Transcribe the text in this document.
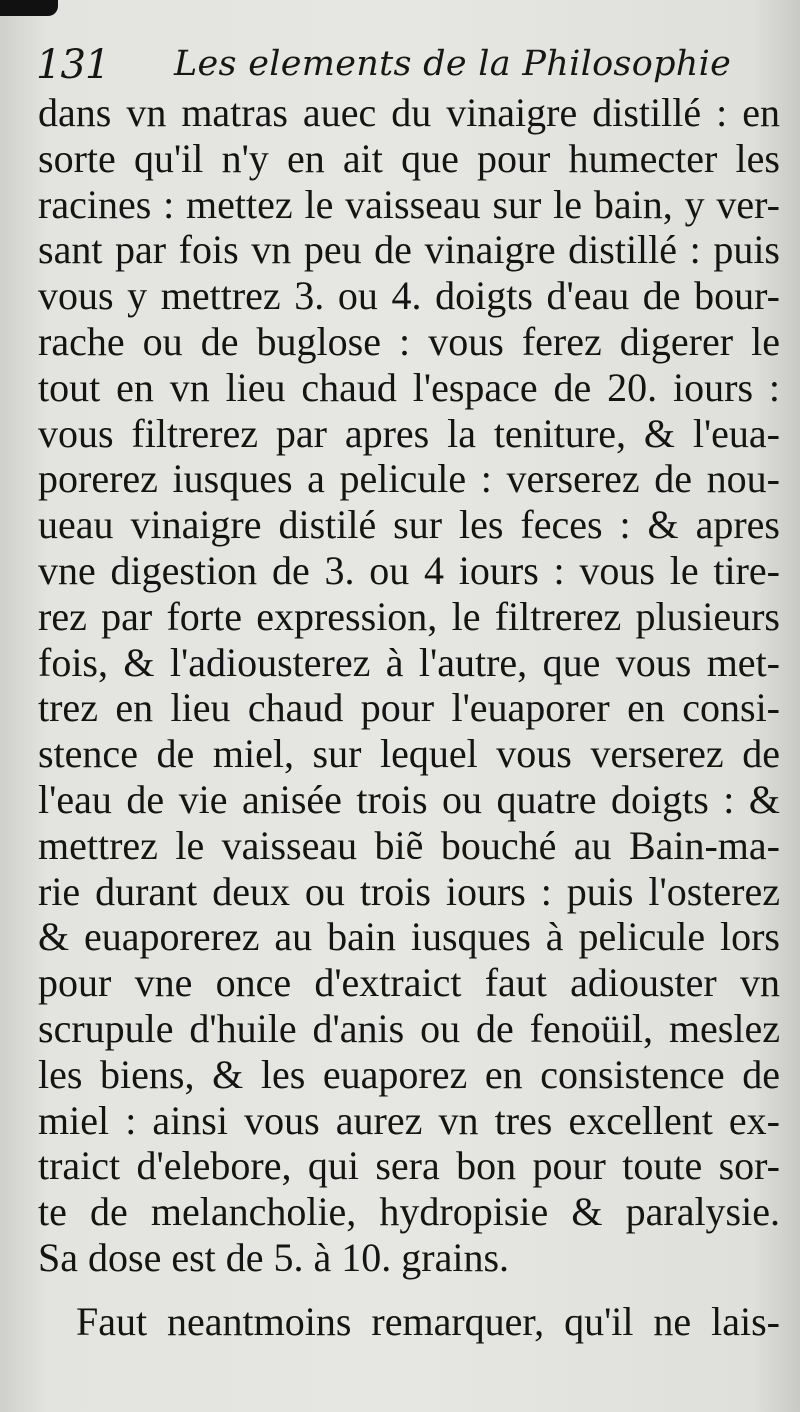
131 Les elements de la Philosophie
dans vn matras auec du vinaigre distillé : en
sorte qu'il n'y en ait que pour humecter les
racines : mettez le vaisseau sur le bain, y ver-
sant par fois vn peu de vinaigre distillé : puis
vous y mettrez 3. ou 4. doigts d'eau de bour-
rache ou de buglose : vous ferez digerer le
tout en vn lieu chaud l'espace de 20. iours :
vous filtrerez par apres la teniture, & l'eua-
porerez iusques a pelicule : verserez de nou-
ueau vinaigre distilé sur les feces : & apres
vne digestion de 3. ou 4 iours : vous le tire-
rez par forte expression, le filtrerez plusieurs
fois, & l'adiousterez à l'autre, que vous met-
trez en lieu chaud pour l'euaporer en consi-
stence de miel, sur lequel vous verserez de
l'eau de vie anisée trois ou quatre doigts : &
mettrez le vaisseau biẽ bouché au Bain-ma-
rie durant deux ou trois iours : puis l'osterez
& euaporerez au bain iusques à pelicule lors
pour vne once d'extraict faut adiouster vn
scrupule d'huile d'anis ou de fenoüil, meslez
les biens, & les euaporez en consistence de
miel : ainsi vous aurez vn tres excellent ex-
traict d'elebore, qui sera bon pour toute sor-
te de melancholie, hydropisie & paralysie.
Sa dose est de 5. à 10. grains.
Faut neantmoins remarquer, qu'il ne lais-
